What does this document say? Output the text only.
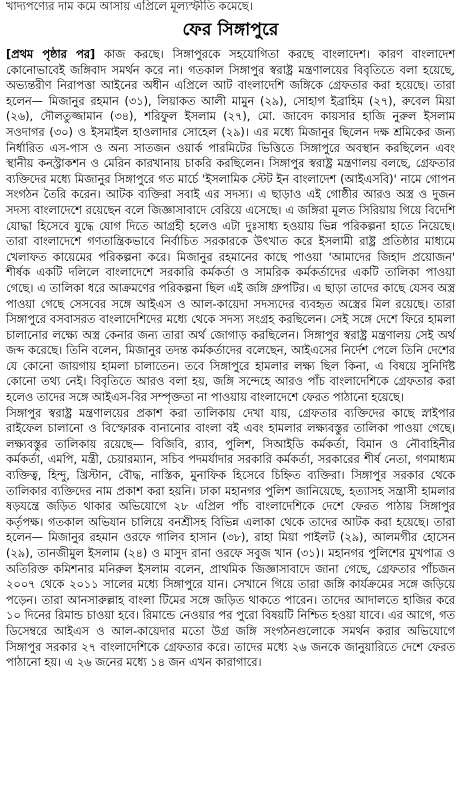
খাদ্যপণ্যের দাম কমে আসায় এপ্রিলে মূল্যস্ফীতি কমেছে।
ফের সিঙ্গাপুরে

[প্রথম পৃষ্ঠার পর] কাজ করছে। সিঙ্গাপুরকে সহযোগিতা করছে বাংলাদেশ। কারণ বাংলাদেশ কোনোভাবেই জঙ্গিবাদ সমর্থন করে না। গতকাল সিঙ্গাপুর স্বরাষ্ট্র মন্ত্রণালয়ের বিবৃতিতে বলা হয়েছে, অভ্যন্তরীণ নিরাপত্তা আইনের অধীন এপ্রিলে আট বাংলাদেশি জঙ্গিকে গ্রেফতার করা হয়েছে। তারা হলেন— মিজানুর রহমান (৩১), লিয়াকত আলী মামুন (২৯), সোহাগ ইব্রাহিম (২৭), রুবেল মিয়া (২৬), দৌলতুজ্জামান (৩৪), শরিফুল ইসলাম (২৭), মো. জাবেদ কায়সার হাজি নুরুল ইসলাম সওদাগর (৩০) ও ইসমাইল হাওলাদার সোহেল (২৯)। এর মধ্যে মিজানুর ছিলেন দক্ষ শ্রমিকের জন্য নির্ধারিত এস-পাস ও অন্য সাতজন ওয়ার্ক পারমিটের ভিত্তিতে সিঙ্গাপুরে অবস্থান করছিলেন এবং স্থানীয় কনস্ট্রাকশন ও মেরিন কারখানায় চাকরি করছিলেন। সিঙ্গাপুর স্বরাষ্ট্র মন্ত্রণালয় বলছে, গ্রেফতার ব্যক্তিদের মধ্যে মিজানুর সিঙ্গাপুরে গত মার্চে 'ইসলামিক স্টেট ইন বাংলাদেশ (আইএসবি)' নামে গোপন সংগঠন তৈরি করেন। আটক ব্যক্তিরা সবাই এর সদস্য। এ ছাড়াও এই গোষ্ঠীর আরও অস্ত্র ও দুজন সদস্য বাংলাদেশে রয়েছেন বলে জিজ্ঞাসাবাদে বেরিয়ে এসেছে। এ জঙ্গিরা মূলত সিরিয়ায় গিয়ে বিদেশি যোদ্ধা হিসেবে যুদ্ধে যোগ দিতে আগ্রহী হলেও এটা দুঃসাধ্য হওয়ায় ভিন্ন পরিকল্পনা হাতে নিয়েছে। তারা বাংলাদেশে গণতান্ত্রিকভাবে নির্বাচিত সরকারকে উৎখাত করে ইসলামী রাষ্ট্র প্রতিষ্ঠার মাধ্যমে খেলাফত কায়েমের পরিকল্পনা করে। মিজানুর রহমানের কাছে পাওয়া 'আমাদের জিহাদ প্রয়োজন' শীর্ষক একটি দলিলে বাংলাদেশে সরকারি কর্মকর্তা ও সামরিক কর্মকর্তাদের একটি তালিকা পাওয়া গেছে। এ তালিকা ধরে আক্রমণের পরিকল্পনা ছিল এই জঙ্গি গ্রুপটির। এ ছাড়া তাদের কাছে যেসব অস্ত্র পাওয়া গেছে সেসবের সঙ্গে আইএস ও আল-কায়েদা সদস্যদের ব্যবহৃত অস্ত্রের মিল রয়েছে। তারা সিঙ্গাপুরে বসবাসরত বাংলাদেশিদের মধ্যে থেকে সদস্য সংগ্রহ করছিলেন। সেই সঙ্গে দেশে ফিরে হামলা চালানোর লক্ষ্যে অস্ত্র কেনার জন্য তারা অর্থ জোগাড় করছিলেন। সিঙ্গাপুর স্বরাষ্ট্র মন্ত্রণালয় সেই অর্থ জব্দ করেছে। তিনি বলেন, মিজানুর তদন্ত কর্মকর্তাদের বলেছেন, আইএসের নির্দেশ পেলে তিনি দেশের যে কোনো জায়গায় হামলা চালাতেন। তবে সিঙ্গাপুরে হামলার লক্ষ্য ছিল কিনা, এ বিষয়ে সুনির্দিষ্ট কোনো তথ্য নেই। বিবৃতিতে আরও বলা হয়, জঙ্গি সন্দেহে আরও পাঁচ বাংলাদেশিকে গ্রেফতার করা হলেও তাদের সঙ্গে আইএস-বির সম্পৃক্ততা না পাওয়ায় বাংলাদেশে ফেরত পাঠানো হয়েছে।

সিঙ্গাপুর স্বরাষ্ট্র মন্ত্রণালয়ের প্রকাশ করা তালিকায় দেখা যায়, গ্রেফতার ব্যক্তিদের কাছে স্নাইপার রাইফেল চালানো ও বিস্ফোরক বানানোর বাংলা বই এবং হামলার লক্ষ্যবস্তুর তালিকা পাওয়া গেছে। লক্ষ্যবস্তুর তালিকায় রয়েছে— বিজিবি, র‍্যাব, পুলিশ, সিআইডি কর্মকর্তা, বিমান ও নৌবাহিনীর কর্মকর্তা, এমপি, মন্ত্রী, চেয়ারম্যান, সচিব পদমর্যাদার সরকারি কর্মকর্তা, সরকারের শীর্ষ নেতা, গণমাধ্যম ব্যক্তিত্ব, হিন্দু, খ্রিস্টান, বৌদ্ধ, নাস্তিক, মুনাফিক হিসেবে চিহ্নিত ব্যক্তিরা। সিঙ্গাপুর সরকার থেকে তালিকার ব্যক্তিদের নাম প্রকাশ করা হয়নি। ঢাকা মহানগর পুলিশ জানিয়েছে, হত্যাসহ সন্ত্রাসী হামলার ষড়যন্ত্রে জড়িত থাকার অভিযোগে ২৮ এপ্রিল পাঁচ বাংলাদেশিকে দেশে ফেরত পাঠায় সিঙ্গাপুর কর্তৃপক্ষ। গতকাল অভিযান চালিয়ে বনশ্রীসহ বিভিন্ন এলাকা থেকে তাদের আটক করা হয়েছে। তারা হলেন— মিজানুর রহমান ওরফে গালিব হাসান (৩৮), রাহা মিয়া পাইলট (২৯), আলমগীর হোসেন (২৯), তানজীমুল ইসলাম (২৪) ও মাসুদ রানা ওরফে সবুজ খান (৩১)। মহানগর পুলিশের মুখপাত্র ও অতিরিক্ত কমিশনার মনিরুল ইসলাম বলেন, প্রাথমিক জিজ্ঞাসাবাদে জানা গেছে, গ্রেফতার পাঁচজন ২০০৭ থেকে ২০১১ সালের মধ্যে সিঙ্গাপুরে যান। সেখানে গিয়ে তারা জঙ্গি কার্যক্রমের সঙ্গে জড়িয়ে পড়েন। তারা আনসারুল্লাহ বাংলা টিমের সঙ্গে জড়িত থাকতে পারেন। তাদের আদালতে হাজির করে ১০ দিনের রিমান্ড চাওয়া হবে। রিমান্ডে নেওয়ার পর পুরো বিষয়টি নিশ্চিত হওয়া যাবে। এর আগে, গত ডিসেম্বরে আইএস ও আল-কায়েদার মতো উগ্র জঙ্গি সংগঠনগুলোকে সমর্থন করার অভিযোগে সিঙ্গাপুর সরকার ২৭ বাংলাদেশিকে গ্রেফতার করে। তাদের মধ্যে ২৬ জনকে জানুয়ারিতে দেশে ফেরত পাঠানো হয়। এ ২৬ জনের মধ্যে ১৪ জন এখন কারাগারে।
